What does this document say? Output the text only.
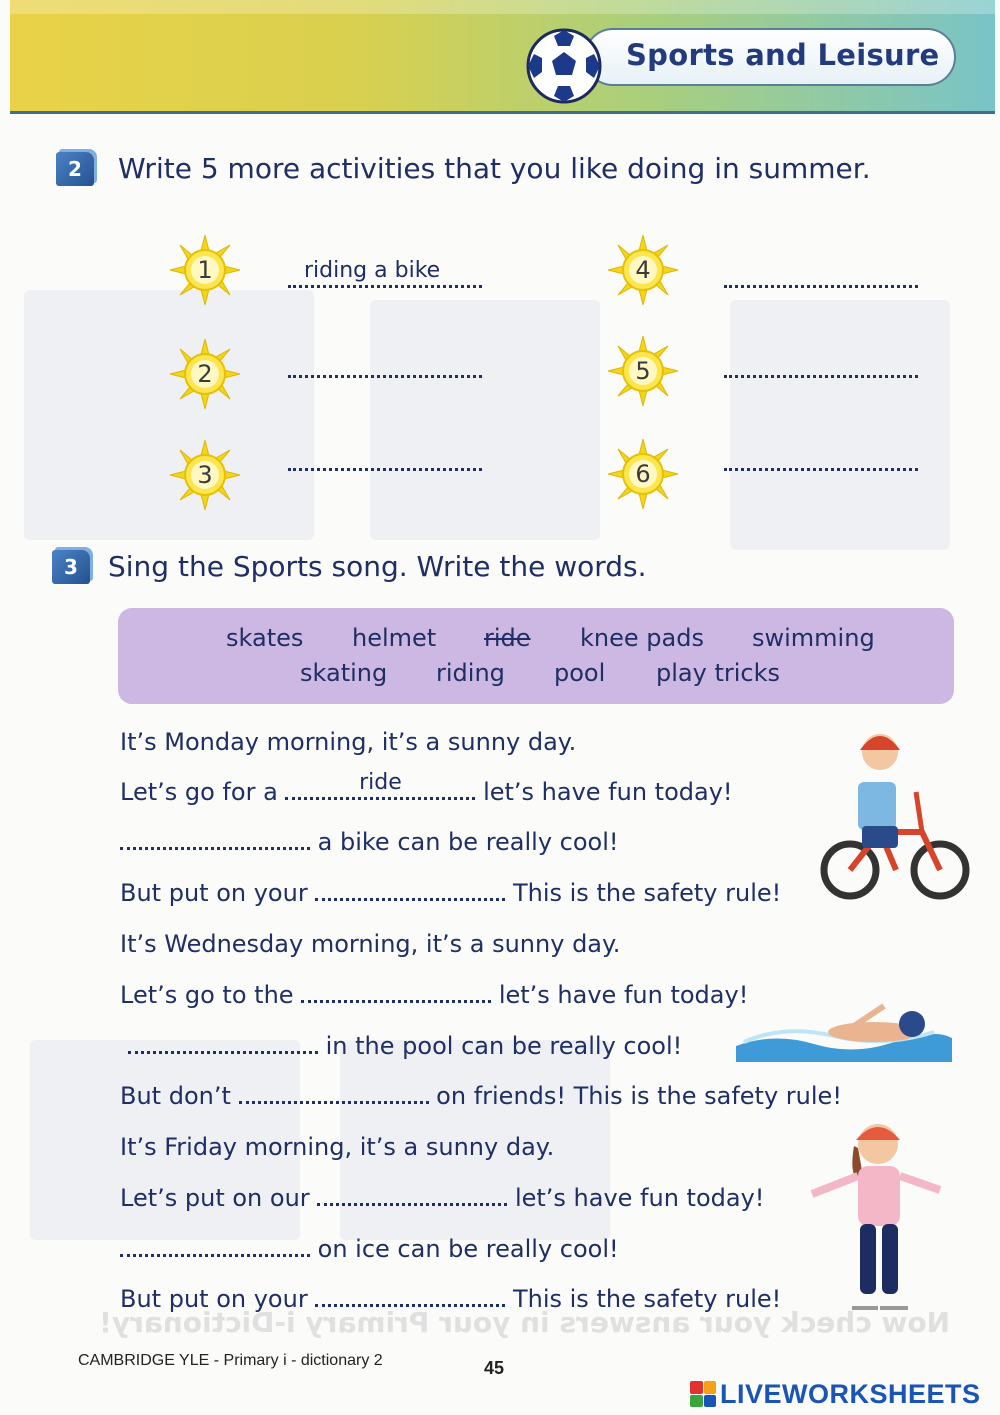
Sports and Leisure
2	Write 5 more activities that you like doing in summer.
1	riding a bike
2
3
4
5
6
3	Sing the Sports song. Write the words.
skates helmet ride knee pads swimming
skating riding pool play tricks
It’s Monday morning, it’s a sunny day.
Let’s go for a	ride	let’s have fun today!
a bike can be really cool!
But put on your	This is the safety rule!
It’s Wednesday morning, it’s a sunny day.
Let’s go to the	let’s have fun today!
in the pool can be really cool!
But don’t	on friends! This is the safety rule!
It’s Friday morning, it’s a sunny day.
Let’s put on our	let’s have fun today!
on ice can be really cool!
But put on your	This is the safety rule!
Now check your answers in your Primary i-Dictionary!
CAMBRIDGE YLE - Primary i - dictionary 2	45
LIVEWORKSHEETS
